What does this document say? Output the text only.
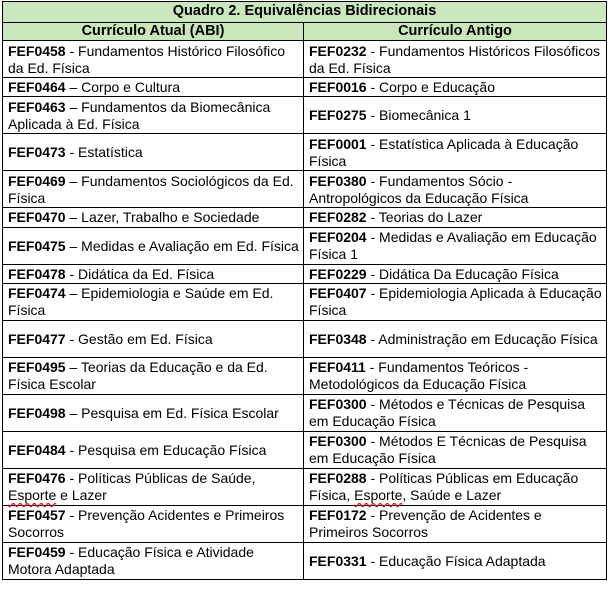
Quadro 2. Equivalências Bidirecionais	
Currículo Atual (ABI)	Currículo Antigo
FEF0458 - Fundamentos Histórico Filosófico da Ed. Física	FEF0232 - Fundamentos Históricos Filosóficos da Ed. Física
FEF0464 – Corpo e Cultura	FEF0016 - Corpo e Educação
FEF0463 – Fundamentos da Biomecânica Aplicada à Ed. Física	FEF0275 - Biomecânica 1
FEF0473 - Estatística	FEF0001 - Estatística Aplicada à Educação Física
FEF0469 – Fundamentos Sociológicos da Ed. Física	FEF0380 - Fundamentos Sócio - Antropológicos da Educação Física
FEF0470 – Lazer, Trabalho e Sociedade	FEF0282 - Teorias do Lazer
FEF0475 – Medidas e Avaliação em Ed. Física	FEF0204 - Medidas e Avaliação em Educação Física 1
FEF0478 - Didática da Ed. Física	FEF0229 - Didática Da Educação Física
FEF0474 – Epidemiologia e Saúde em Ed. Física	FEF0407 - Epidemiologia Aplicada à Educação Física
FEF0477 - Gestão em Ed. Física	FEF0348 - Administração em Educação Física
FEF0495 – Teorias da Educação e da Ed. Física Escolar	FEF0411 - Fundamentos Teóricos - Metodológicos da Educação Física
FEF0498 – Pesquisa em Ed. Física Escolar	FEF0300 - Métodos e Técnicas de Pesquisa em Educação Física
FEF0484 - Pesquisa em Educação Física	FEF0300 - Métodos E Técnicas de Pesquisa em Educação Física
FEF0476 - Políticas Públicas de Saúde, Esporte e Lazer	FEF0288 - Políticas Públicas em Educação Física, Esporte, Saúde e Lazer
FEF0457 - Prevenção Acidentes e Primeiros Socorros	FEF0172 - Prevenção de Acidentes e Primeiros Socorros
FEF0459 - Educação Física e Atividade Motora Adaptada	FEF0331 - Educação Física Adaptada
